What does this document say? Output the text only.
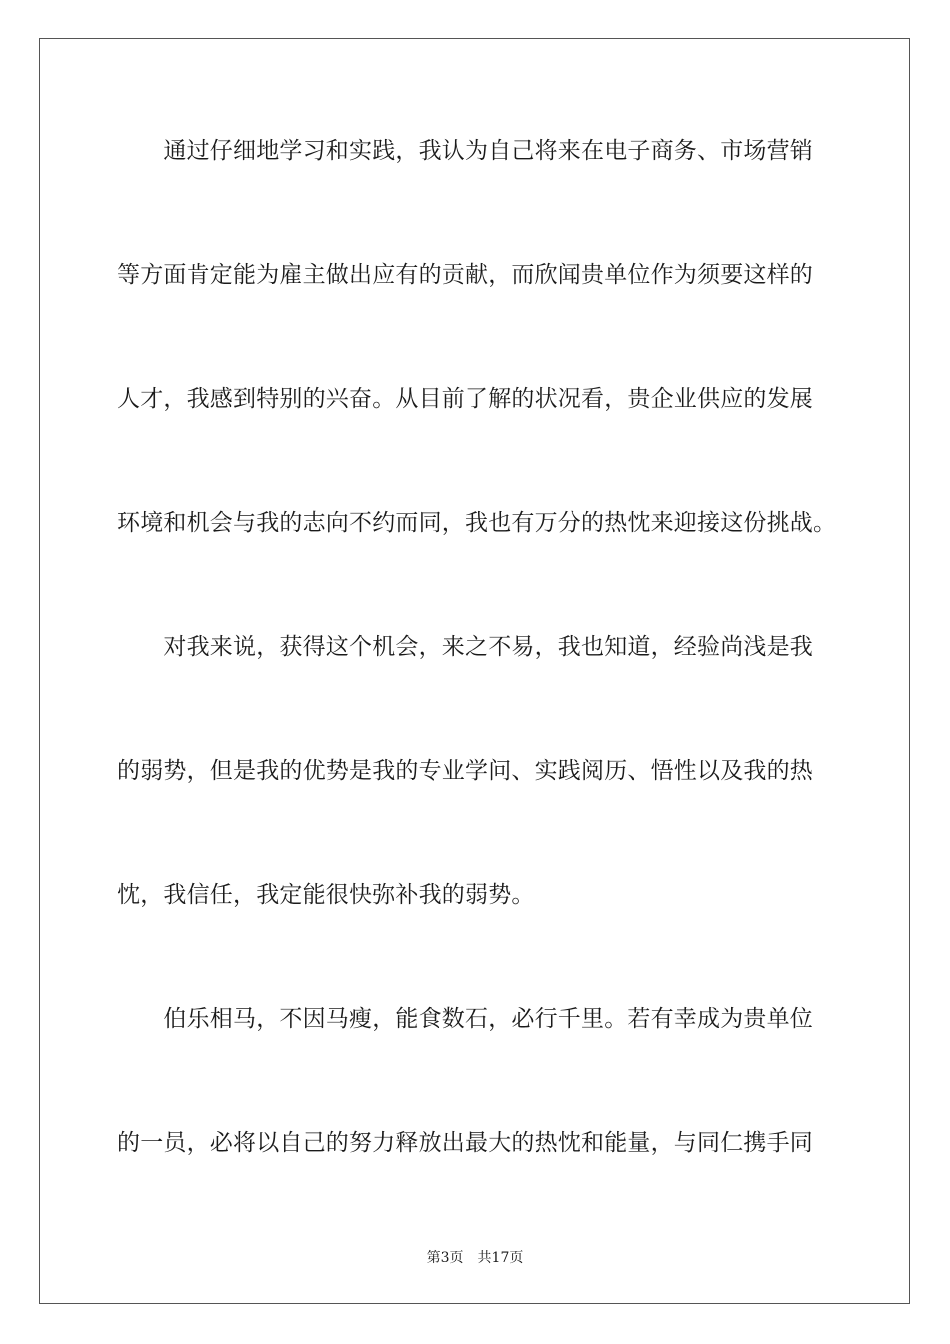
　　通过仔细地学习和实践，我认为自己将来在电子商务、市场营销
等方面肯定能为雇主做出应有的贡献，而欣闻贵单位作为须要这样的
人才，我感到特别的兴奋。从目前了解的状况看，贵企业供应的发展
环境和机会与我的志向不约而同，我也有万分的热忱来迎接这份挑战。
　　对我来说，获得这个机会，来之不易，我也知道，经验尚浅是我
的弱势，但是我的优势是我的专业学问、实践阅历、悟性以及我的热
忱，我信任，我定能很快弥补我的弱势。
　　伯乐相马，不因马瘦，能食数石，必行千里。若有幸成为贵单位
的一员，必将以自己的努力释放出最大的热忱和能量，与同仁携手同
第3页 共17页
